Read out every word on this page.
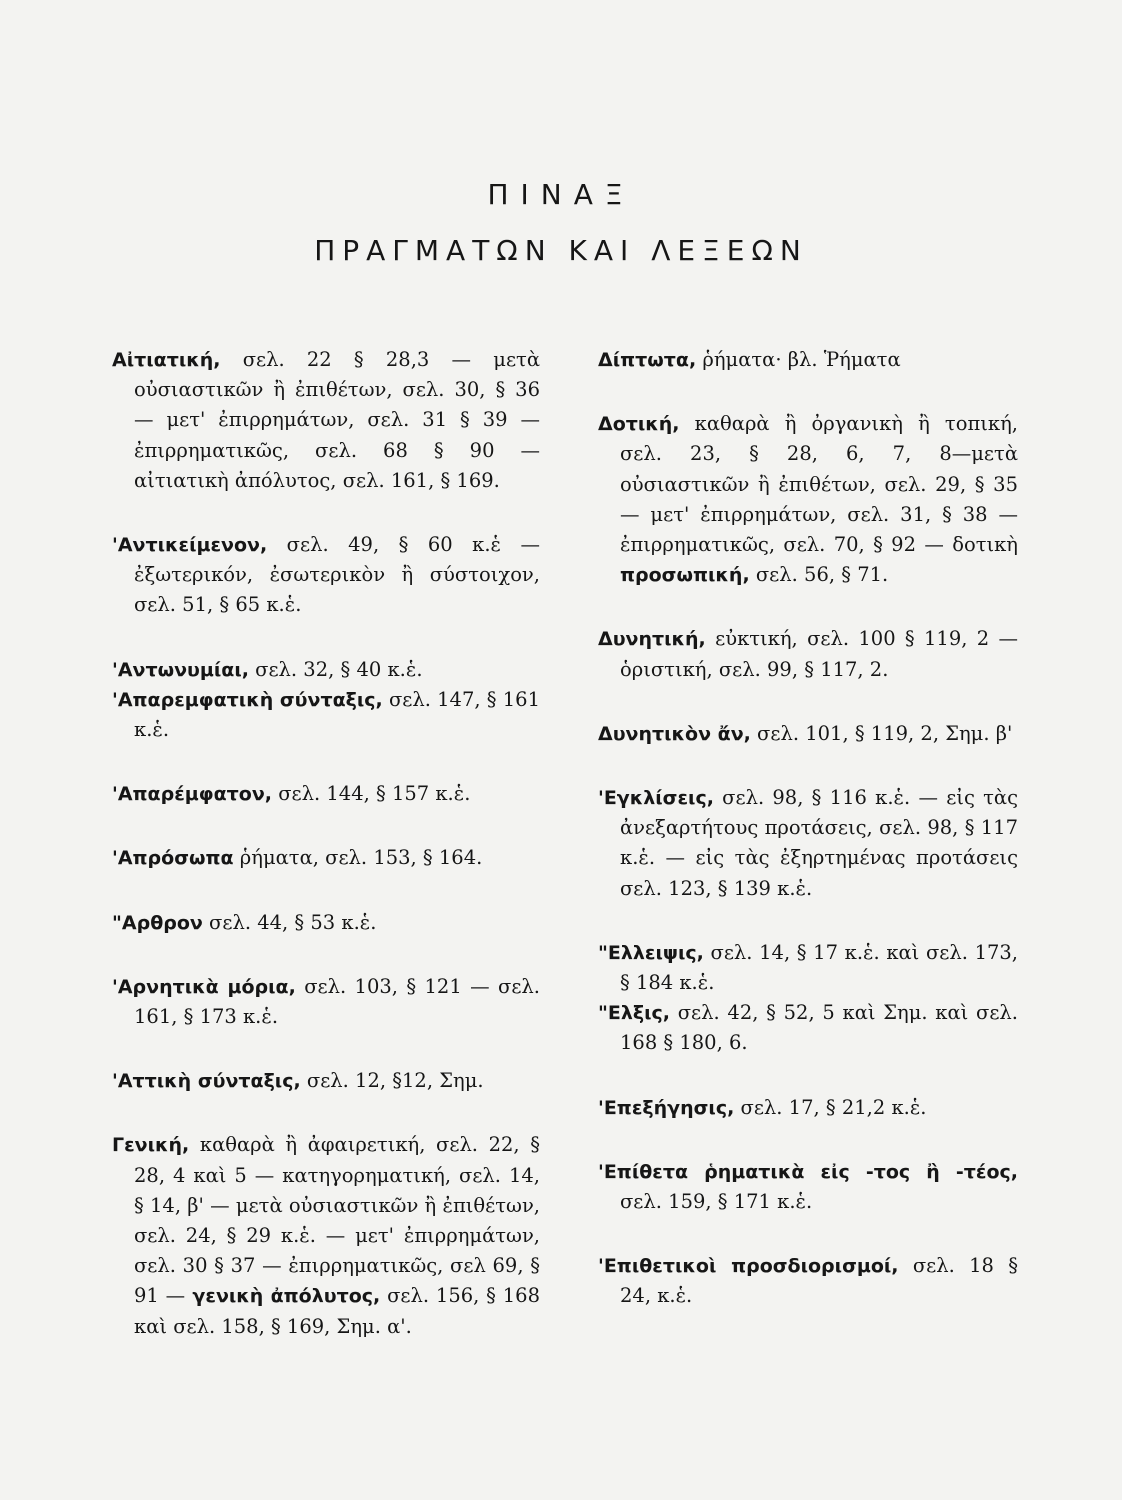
ΠΙΝΑΞ
ΠΡΑΓΜΑΤΩΝ ΚΑΙ ΛΕΞΕΩΝ

Αἰτιατική, σελ. 22 § 28,3 — μετὰ οὐσιαστικῶν ἢ ἐπιθέτων, σελ. 30, § 36 — μετ' ἐπιρρημάτων, σελ. 31 § 39 — ἐπιρρηματικῶς, σελ. 68 § 90 — αἰτιατικὴ ἀπόλυτος, σελ. 161, § 169.

'Αντικείμενον, σελ. 49, § 60 κ.ἑ — ἐξωτερικόν, ἐσωτερικὸν ἢ σύστοιχον, σελ. 51, § 65 κ.ἑ.

'Αντωνυμίαι, σελ. 32, § 40 κ.ἑ.

'Απαρεμφατικὴ σύνταξις, σελ. 147, § 161 κ.ἑ.

'Απαρέμφατον, σελ. 144, § 157 κ.ἑ.

'Απρόσωπα ῥήματα, σελ. 153, § 164.

"Αρθρον σελ. 44, § 53 κ.ἑ.

'Αρνητικὰ μόρια, σελ. 103, § 121 — σελ. 161, § 173 κ.ἑ.

'Αττικὴ σύνταξις, σελ. 12, §12, Σημ.

Γενική, καθαρὰ ἢ ἀφαιρετική, σελ. 22, § 28, 4 καὶ 5 — κατηγορηματική, σελ. 14, § 14, β' — μετὰ οὐσιαστικῶν ἢ ἐπιθέτων, σελ. 24, § 29 κ.ἑ. — μετ' ἐπιρρημάτων, σελ. 30 § 37 — ἐπιρρηματικῶς, σελ 69, § 91 — γενικὴ ἀπόλυτος, σελ. 156, § 168 καὶ σελ. 158, § 169, Σημ. α'.

Δίπτωτα, ῥήματα· βλ. Ῥήματα

Δοτική, καθαρὰ ἢ ὀργανικὴ ἢ τοπική, σελ. 23, § 28, 6, 7, 8—μετὰ οὐσιαστικῶν ἢ ἐπιθέτων, σελ. 29, § 35 — μετ' ἐπιρρημάτων, σελ. 31, § 38 — ἐπιρρηματικῶς, σελ. 70, § 92 — δοτικὴ προσωπική, σελ. 56, § 71.

Δυνητική, εὐκτική, σελ. 100 § 119, 2 — ὁριστική, σελ. 99, § 117, 2.

Δυνητικὸν ἄν, σελ. 101, § 119, 2, Σημ. β'

'Εγκλίσεις, σελ. 98, § 116 κ.ἑ. — εἰς τὰς ἀνεξαρτήτους προτάσεις, σελ. 98, § 117 κ.ἑ. — εἰς τὰς ἐξηρτημένας προτάσεις σελ. 123, § 139 κ.ἑ.

"Ελλειψις, σελ. 14, § 17 κ.ἑ. καὶ σελ. 173, § 184 κ.ἑ.

"Ελξις, σελ. 42, § 52, 5 καὶ Σημ. καὶ σελ. 168 § 180, 6.

'Επεξήγησις, σελ. 17, § 21,2 κ.ἑ.

'Επίθετα ῥηματικὰ εἰς -τος ἢ -τέος, σελ. 159, § 171 κ.ἑ.

'Επιθετικοὶ προσδιορισμοί, σελ. 18 § 24, κ.ἑ.
